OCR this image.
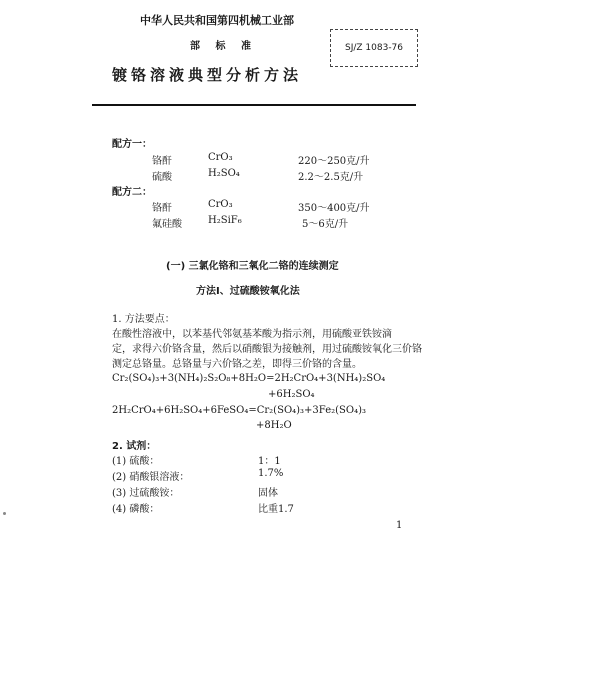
中华人民共和国第四机械工业部
部 标 准
镀铬溶液典型分析方法
SJ/Z 1083-76
配方一：
铬酐	CrO₃	220～250克/升
硫酸	H₂SO₄	2.2～2.5克/升
配方二：
铬酐	CrO₃	350～400克/升
氟硅酸	H₂SiF₆	5～6克/升
(一) 三氯化铬和三氧化二铬的连续测定
方法Ⅰ、过硫酸铵氧化法
1. 方法要点：
在酸性溶液中，以苯基代邻氨基苯酸为指示剂，用硫酸亚铁铵滴
定，求得六价铬含量，然后以硝酸银为接触剂，用过硫酸铵氧化三价铬
测定总铬量。总铬量与六价铬之差，即得三价铬的含量。
Cr₂(SO₄)₃+3(NH₄)₂S₂O₈+8H₂O=2H₂CrO₄+3(NH₄)₂SO₄
+6H₂SO₄
2H₂CrO₄+6H₂SO₄+6FeSO₄=Cr₂(SO₄)₃+3Fe₂(SO₄)₃
+8H₂O
2. 试剂：
(1) 硫酸：	1：1
(2) 硝酸银溶液：	1.7%
(3) 过硫酸铵：	固体
(4) 磷酸：	比重1.7
1
